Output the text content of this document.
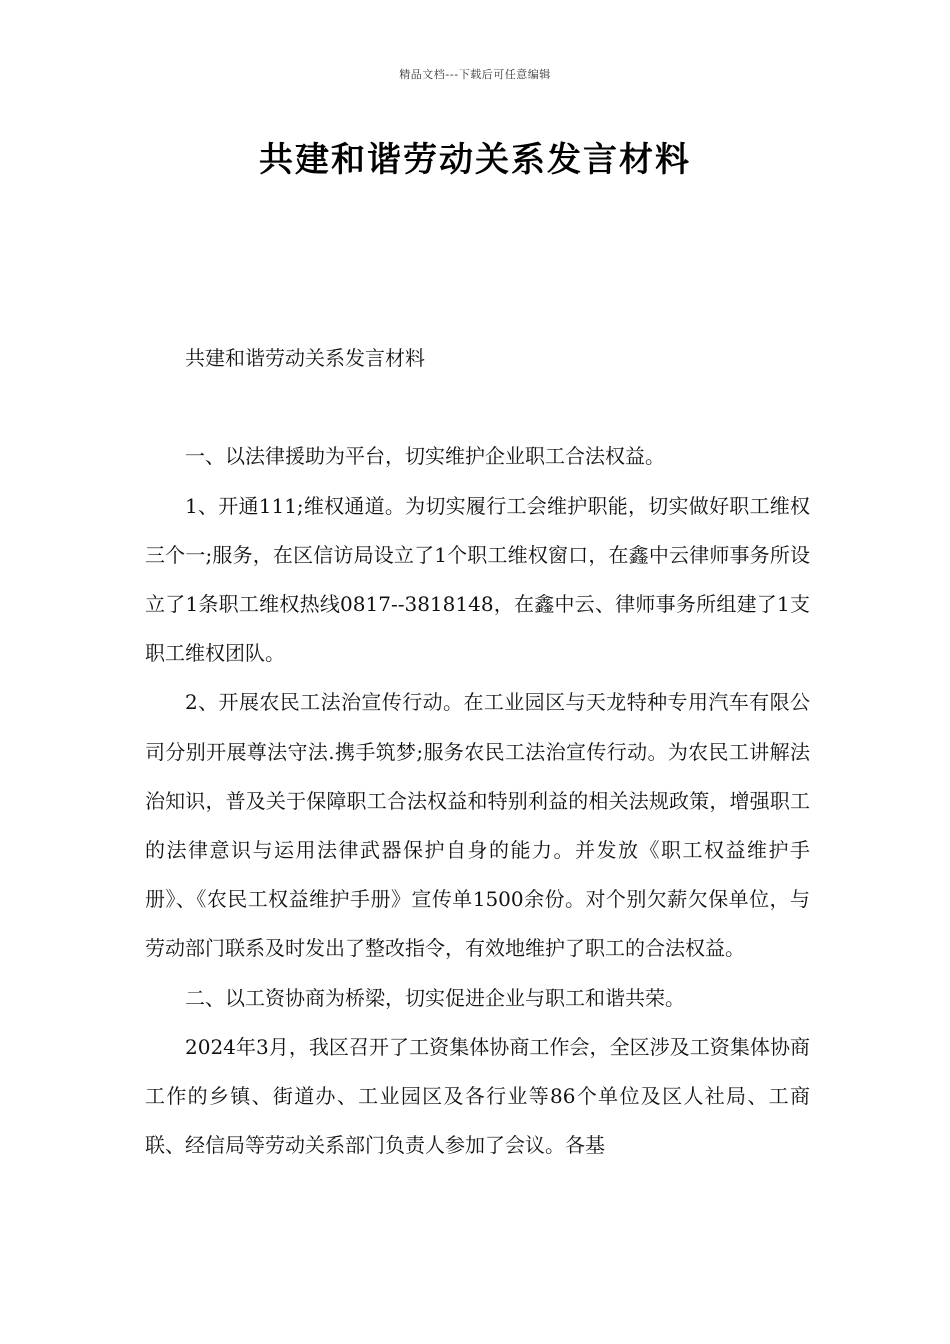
精品文档---下载后可任意编辑
共建和谐劳动关系发言材料

共建和谐劳动关系发言材料

一、以法律援助为平台，切实维护企业职工合法权益。

1、开通111;维权通道。为切实履行工会维护职能，切实做好职工维权三个一;服务，在区信访局设立了1个职工维权窗口，在鑫中云律师事务所设立了1条职工维权热线0817--3818148，在鑫中云、律师事务所组建了1支职工维权团队。

2、开展农民工法治宣传行动。在工业园区与天龙特种专用汽车有限公司分别开展尊法守法.携手筑梦;服务农民工法治宣传行动。为农民工讲解法治知识，普及关于保障职工合法权益和特别利益的相关法规政策，增强职工的法律意识与运用法律武器保护自身的能力。并发放《职工权益维护手册》、《农民工权益维护手册》宣传单1500余份。对个别欠薪欠保单位，与劳动部门联系及时发出了整改指令，有效地维护了职工的合法权益。

二、以工资协商为桥梁，切实促进企业与职工和谐共荣。

2024年3月，我区召开了工资集体协商工作会，全区涉及工资集体协商工作的乡镇、街道办、工业园区及各行业等86个单位及区人社局、工商联、经信局等劳动关系部门负责人参加了会议。各基
